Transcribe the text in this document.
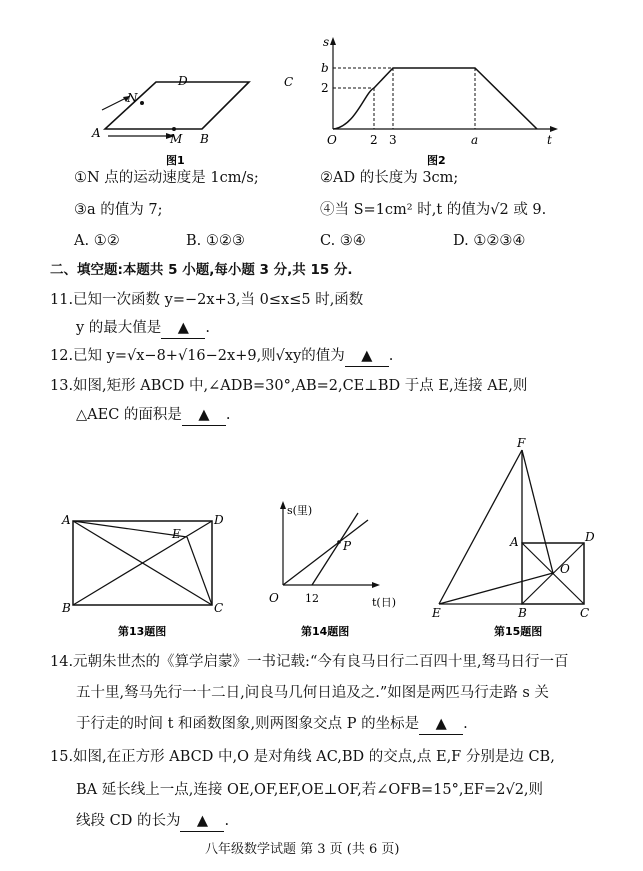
A	B
C
D
M
N
图1
s
b
2
O	2 3	a	t
图2
①N 点的运动速度是 1cm/s;	②AD 的长度为 3cm;
③a 的值为 7;	④当 S=1cm² 时,t 的值为√2 或 9.
A. ①②	B. ①②③	C. ③④	D. ①②③④
二、填空题:本题共 5 小题,每小题 3 分,共 15 分.
11.已知一次函数 y=−2x+3,当 0≤x≤5 时,函数
y 的最大值是 ▲ .
12.已知 y=√x−8+√16−2x+9,则√xy的值为 ▲ .
13.如图,矩形 ABCD 中,∠ADB=30°,AB=2,CE⊥BD 于点 E,连接 AE,则
△AEC 的面积是 ▲ .
A
B	C
D
E
第13题图
s(里)
t(日)
O 12
P
第14题图
F
A	D
O
E	B	C
第15题图
14.元朝朱世杰的《算学启蒙》一书记载:“今有良马日行二百四十里,驽马日行一百
五十里,驽马先行一十二日,问良马几何日追及之.”如图是两匹马行走路 s 关
于行走的时间 t 和函数图象,则两图象交点 P 的坐标是 ▲ .
15.如图,在正方形 ABCD 中,O 是对角线 AC,BD 的交点,点 E,F 分别是边 CB,
BA 延长线上一点,连接 OE,OF,EF,OE⊥OF,若∠OFB=15°,EF=2√2,则
线段 CD 的长为 ▲ .
八年级数学试题 第 3 页 (共 6 页)
